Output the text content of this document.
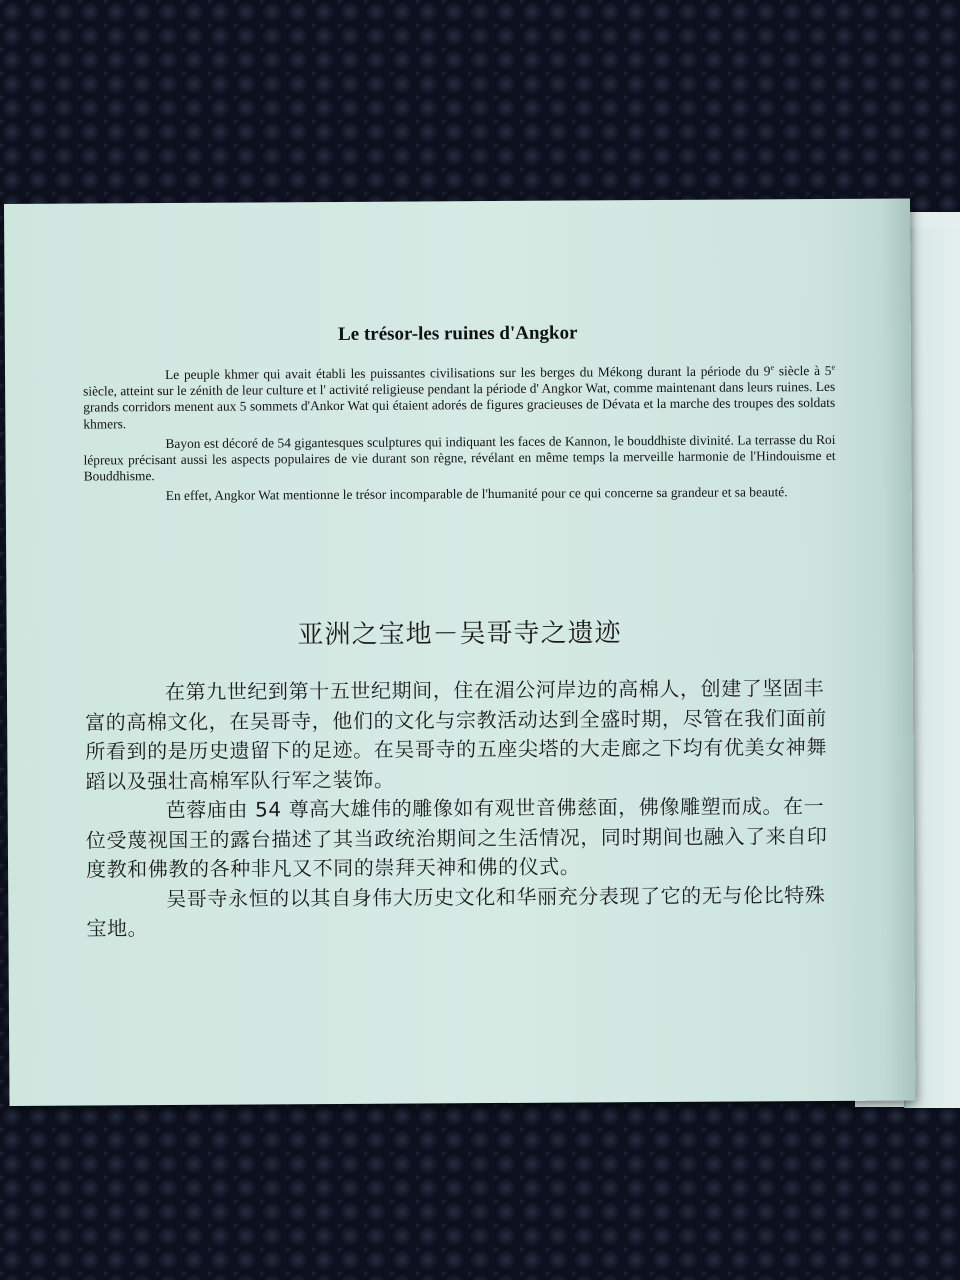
Le trésor-les ruines d'Angkor

Le peuple khmer qui avait établi les puissantes civilisations sur les berges du Mékong durant la période du 9e siècle à 5e siècle, atteint sur le zénith de leur culture et l' activité religieuse pendant la période d' Angkor Wat, comme maintenant dans leurs ruines. Les grands corridors menent aux 5 sommets d'Ankor Wat qui étaient adorés de figures gracieuses de Dévata et la marche des troupes des soldats khmers.

Bayon est décoré de 54 gigantesques sculptures qui indiquant les faces de Kannon, le bouddhiste divinité. La terrasse du Roi lépreux précisant aussi les aspects populaires de vie durant son règne, révélant en même temps la merveille harmonie de l'Hindouisme et Bouddhisme.

En effet, Angkor Wat mentionne le trésor incomparable de l'humanité pour ce qui concerne sa grandeur et sa beauté.

亚洲之宝地－吴哥寺之遗迹

在第九世纪到第十五世纪期间，住在湄公河岸边的高棉人，创建了坚固丰富的高棉文化，在吴哥寺，他们的文化与宗教活动达到全盛时期，尽管在我们面前所看到的是历史遗留下的足迹。在吴哥寺的五座尖塔的大走廊之下均有优美女神舞蹈以及强壮高棉军队行军之装饰。

芭蓉庙由 54 尊高大雄伟的雕像如有观世音佛慈面，佛像雕塑而成。在一位受蔑视国王的露台描述了其当政统治期间之生活情况，同时期间也融入了来自印度教和佛教的各种非凡又不同的崇拜天神和佛的仪式。

吴哥寺永恒的以其自身伟大历史文化和华丽充分表现了它的无与伦比特殊宝地。
